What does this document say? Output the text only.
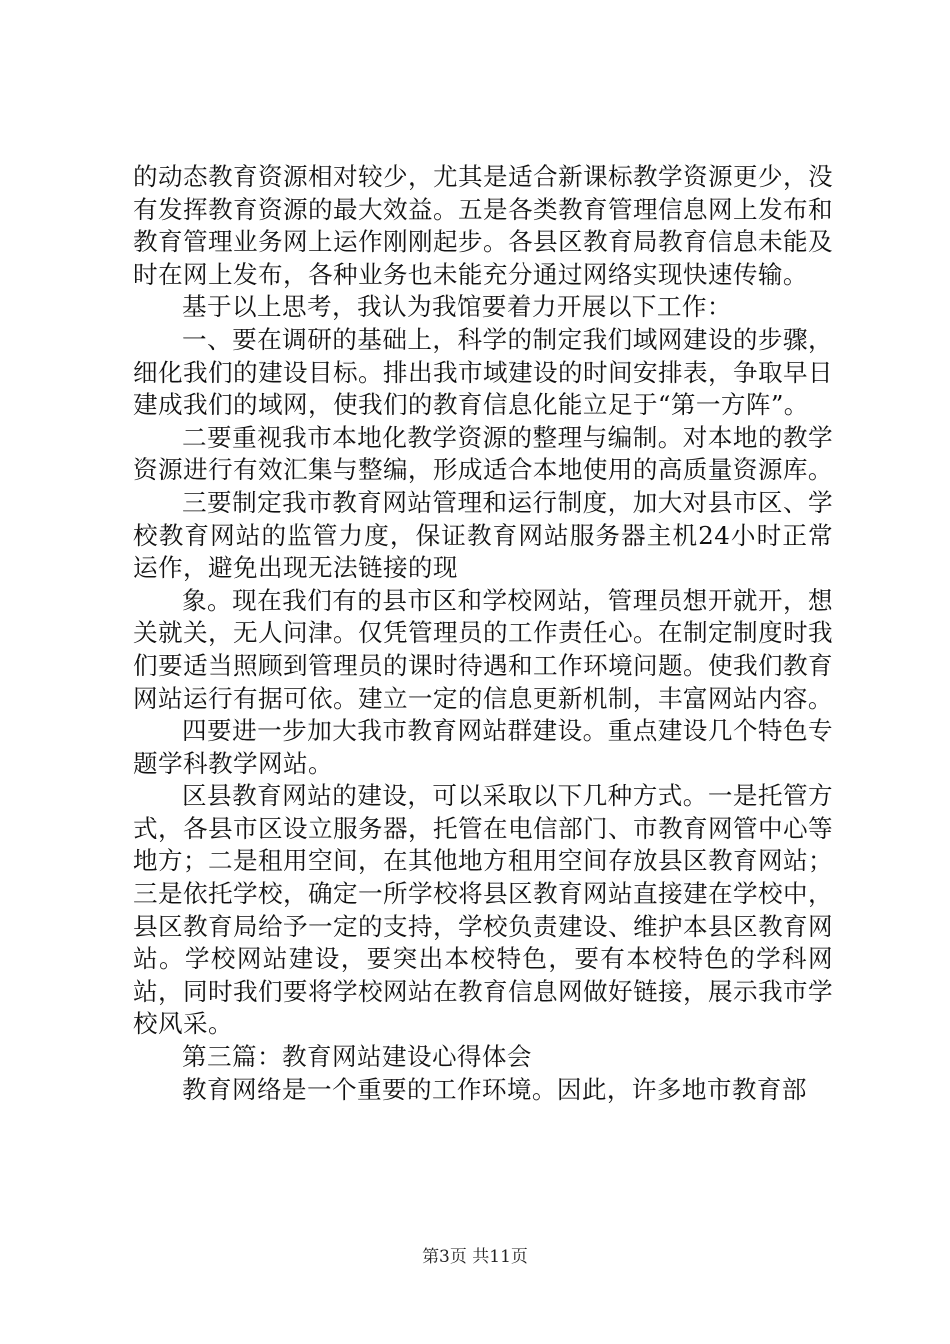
的动态教育资源相对较少，尤其是适合新课标教学资源更少，没有发挥教育资源的最大效益。五是各类教育管理信息网上发布和教育管理业务网上运作刚刚起步。各县区教育局教育信息未能及时在网上发布，各种业务也未能充分通过网络实现快速传输。

基于以上思考，我认为我馆要着力开展以下工作：

一、要在调研的基础上，科学的制定我们域网建设的步骤，细化我们的建设目标。排出我市域建设的时间安排表，争取早日建成我们的域网，使我们的教育信息化能立足于“第一方阵”。

二要重视我市本地化教学资源的整理与编制。对本地的教学资源进行有效汇集与整编，形成适合本地使用的高质量资源库。

三要制定我市教育网站管理和运行制度，加大对县市区、学校教育网站的监管力度，保证教育网站服务器主机24小时正常运作，避免出现无法链接的现

象。现在我们有的县市区和学校网站，管理员想开就开，想关就关，无人问津。仅凭管理员的工作责任心。在制定制度时我们要适当照顾到管理员的课时待遇和工作环境问题。使我们教育网站运行有据可依。建立一定的信息更新机制，丰富网站内容。

四要进一步加大我市教育网站群建设。重点建设几个特色专题学科教学网站。

区县教育网站的建设，可以采取以下几种方式。一是托管方式，各县市区设立服务器，托管在电信部门、市教育网管中心等地方；二是租用空间，在其他地方租用空间存放县区教育网站；三是依托学校，确定一所学校将县区教育网站直接建在学校中，县区教育局给予一定的支持，学校负责建设、维护本县区教育网站。学校网站建设，要突出本校特色，要有本校特色的学科网站，同时我们要将学校网站在教育信息网做好链接，展示我市学校风采。

第三篇：教育网站建设心得体会

教育网络是一个重要的工作环境。因此，许多地市教育部

第3页 共11页
